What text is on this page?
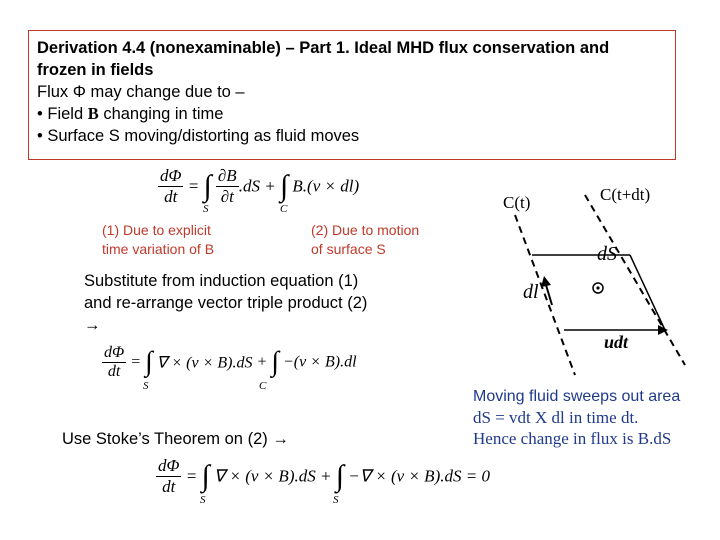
Derivation 4.4 (nonexaminable) – Part 1. Ideal MHD flux conservation and
frozen in fields
Flux Φ may change due to –
• Field B changing in time
• Surface S moving/distorting as fluid moves
$\frac{d\Phi}{dt}$ = ∫ $\frac{\partial B}{\partial t} .dS$ + ∫ B.(v × dl)
S	C
(1) Due to explicit
time variation of B
(2) Due to motion
of surface S
Substitute from induction equation (1)
and re-arrange vector triple product (2)
→
$\frac{d\Phi}{dt}$ = ∫ ∇ × (v × B).dS + ∫ −(v × B).dl
S	C
Use Stoke’s Theorem on (2) →
$\frac{d\Phi}{dt}$ = ∫ ∇ × (v × B).dS + ∫ −∇ × (v × B).dS = 0
S	S
C(t)	C(t+dt)
dS
dl
udt
Moving fluid sweeps out area
dS = vdt X dl in time dt.
Hence change in flux is B.dS
